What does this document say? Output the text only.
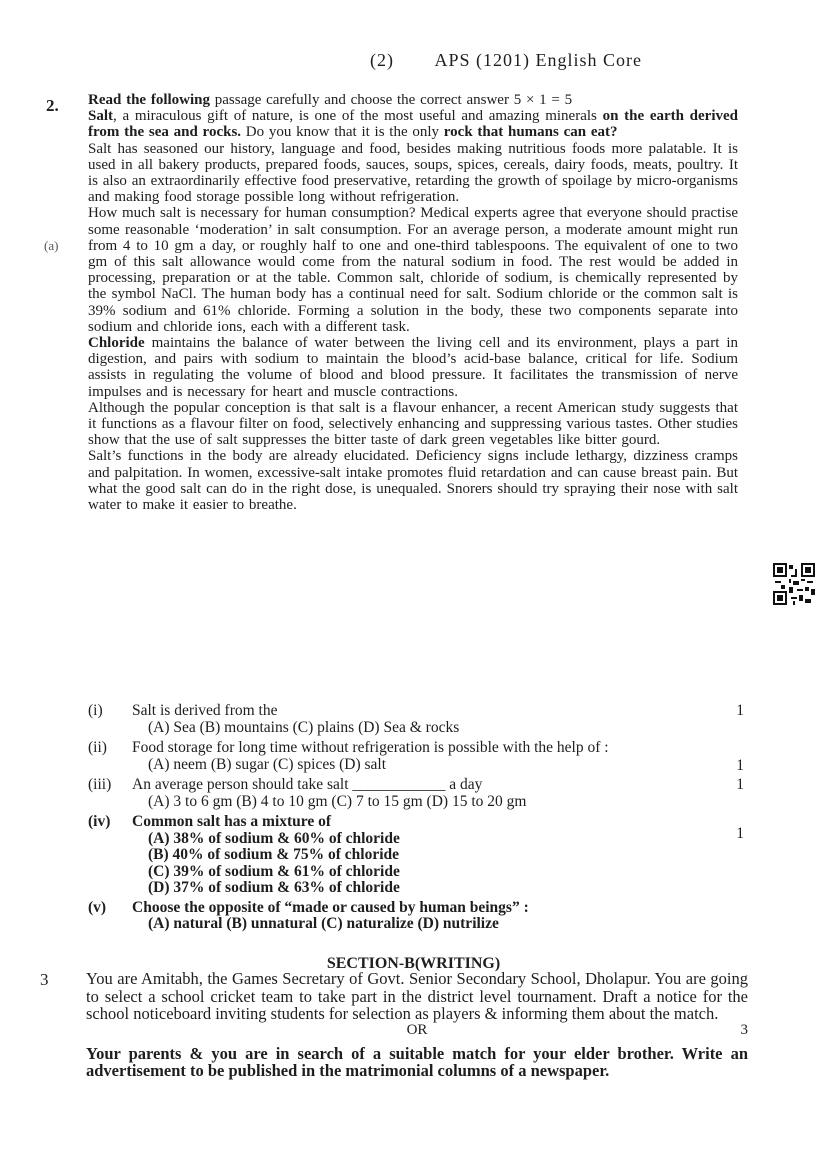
(2) APS (1201) English Core
2.
(a)
Read the following passage carefully and choose the correct answer 5 × 1 = 5
Salt, a miraculous gift of nature, is one of the most useful and amazing minerals on the earth derived from the sea and rocks. Do you know that it is the only rock that humans can eat?
Salt has seasoned our history, language and food, besides making nutritious foods more palatable. It is used in all bakery products, prepared foods, sauces, soups, spices, cereals, dairy foods, meats, poultry. It is also an extraordinarily effective food preservative, retarding the growth of spoilage by micro-organisms and making food storage possible long without refrigeration.
How much salt is necessary for human consumption? Medical experts agree that everyone should practise some reasonable ‘moderation’ in salt consumption. For an average person, a moderate amount might run from 4 to 10 gm a day, or roughly half to one and one-third tablespoons. The equivalent of one to two gm of this salt allowance would come from the natural sodium in food. The rest would be added in processing, preparation or at the table. Common salt, chloride of sodium, is chemically represented by the symbol NaCl. The human body has a continual need for salt. Sodium chloride or the common salt is 39% sodium and 61% chloride. Forming a solution in the body, these two components separate into sodium and chloride ions, each with a different task.
Chloride maintains the balance of water between the living cell and its environment, plays a part in digestion, and pairs with sodium to maintain the blood’s acid-base balance, critical for life. Sodium assists in regulating the volume of blood and blood pressure. It facilitates the transmission of nerve impulses and is necessary for heart and muscle contractions.
Although the popular conception is that salt is a flavour enhancer, a recent American study suggests that it functions as a flavour filter on food, selectively enhancing and suppressing various tastes. Other studies show that the use of salt suppresses the bitter taste of dark green vegetables like bitter gourd.
Salt’s functions in the body are already elucidated. Deficiency signs include lethargy, dizziness cramps and palpitation. In women, excessive-salt intake promotes fluid retardation and can cause breast pain. But what the good salt can do in the right dose, is unequaled. Snorers should try spraying their nose with salt water to make it easier to breathe.
(i)	Salt is derived from the	1
(A) Sea (B) mountains (C) plains (D) Sea & rocks
(ii)	Food storage for long time without refrigeration is possible with the help of :
1
(A) neem (B) sugar (C) spices (D) salt
(iii)	An average person should take salt ____________ a day	1
(A) 3 to 6 gm (B) 4 to 10 gm (C) 7 to 15 gm (D) 15 to 20 gm
(iv)	Common salt has a mixture of
1
(A) 38% of sodium & 60% of chloride
(B) 40% of sodium & 75% of chloride
(C) 39% of sodium & 61% of chloride
(D) 37% of sodium & 63% of chloride
(v)	Choose the opposite of “made or caused by human beings” :
(A) natural (B) unnatural (C) naturalize (D) nutrilize
SECTION-B(WRITING)
3 You are Amitabh, the Games Secretary of Govt. Senior Secondary School, Dholapur. You are going to select a school cricket team to take part in the district level tournament. Draft a notice for the school noticeboard inviting students for selection as players & informing them about the match.
OR	3
Your parents & you are in search of a suitable match for your elder brother. Write an advertisement to be published in the matrimonial columns of a newspaper.
